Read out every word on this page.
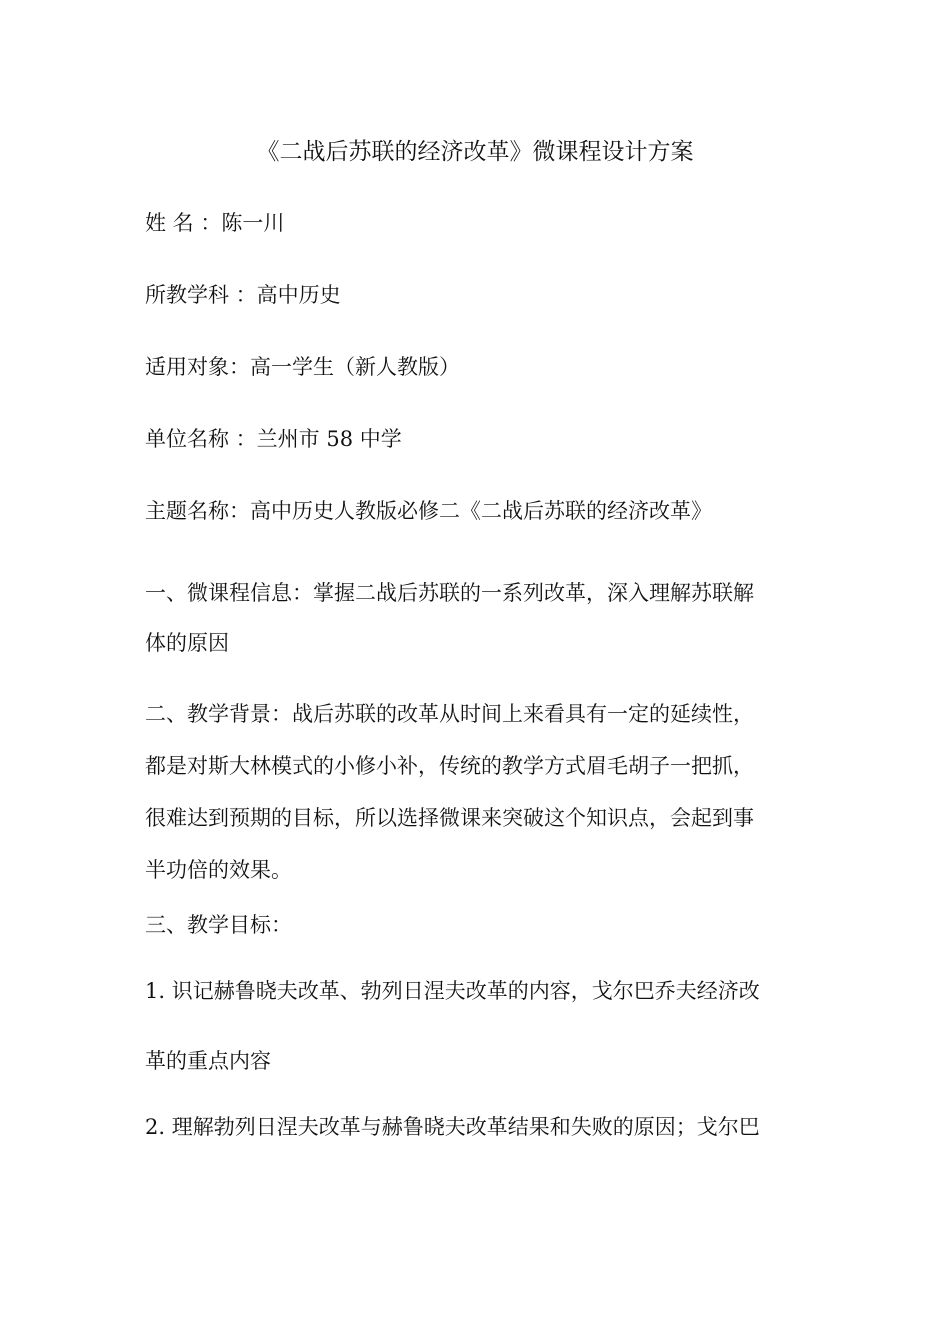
《二战后苏联的经济改革》微课程设计方案
姓 名 ：陈一川
所教学科 ：高中历史
适用对象：高一学生（新人教版）
单位名称 ：兰州市 58 中学
主题名称：高中历史人教版必修二《二战后苏联的经济改革》
一、微课程信息：掌握二战后苏联的一系列改革，深入理解苏联解
体的原因
二、教学背景：战后苏联的改革从时间上来看具有一定的延续性，
都是对斯大林模式的小修小补，传统的教学方式眉毛胡子一把抓，
很难达到预期的目标，所以选择微课来突破这个知识点，会起到事
半功倍的效果。
三、教学目标：
1. 识记赫鲁晓夫改革、勃列日涅夫改革的内容，戈尔巴乔夫经济改
革的重点内容
2. 理解勃列日涅夫改革与赫鲁晓夫改革结果和失败的原因；戈尔巴
